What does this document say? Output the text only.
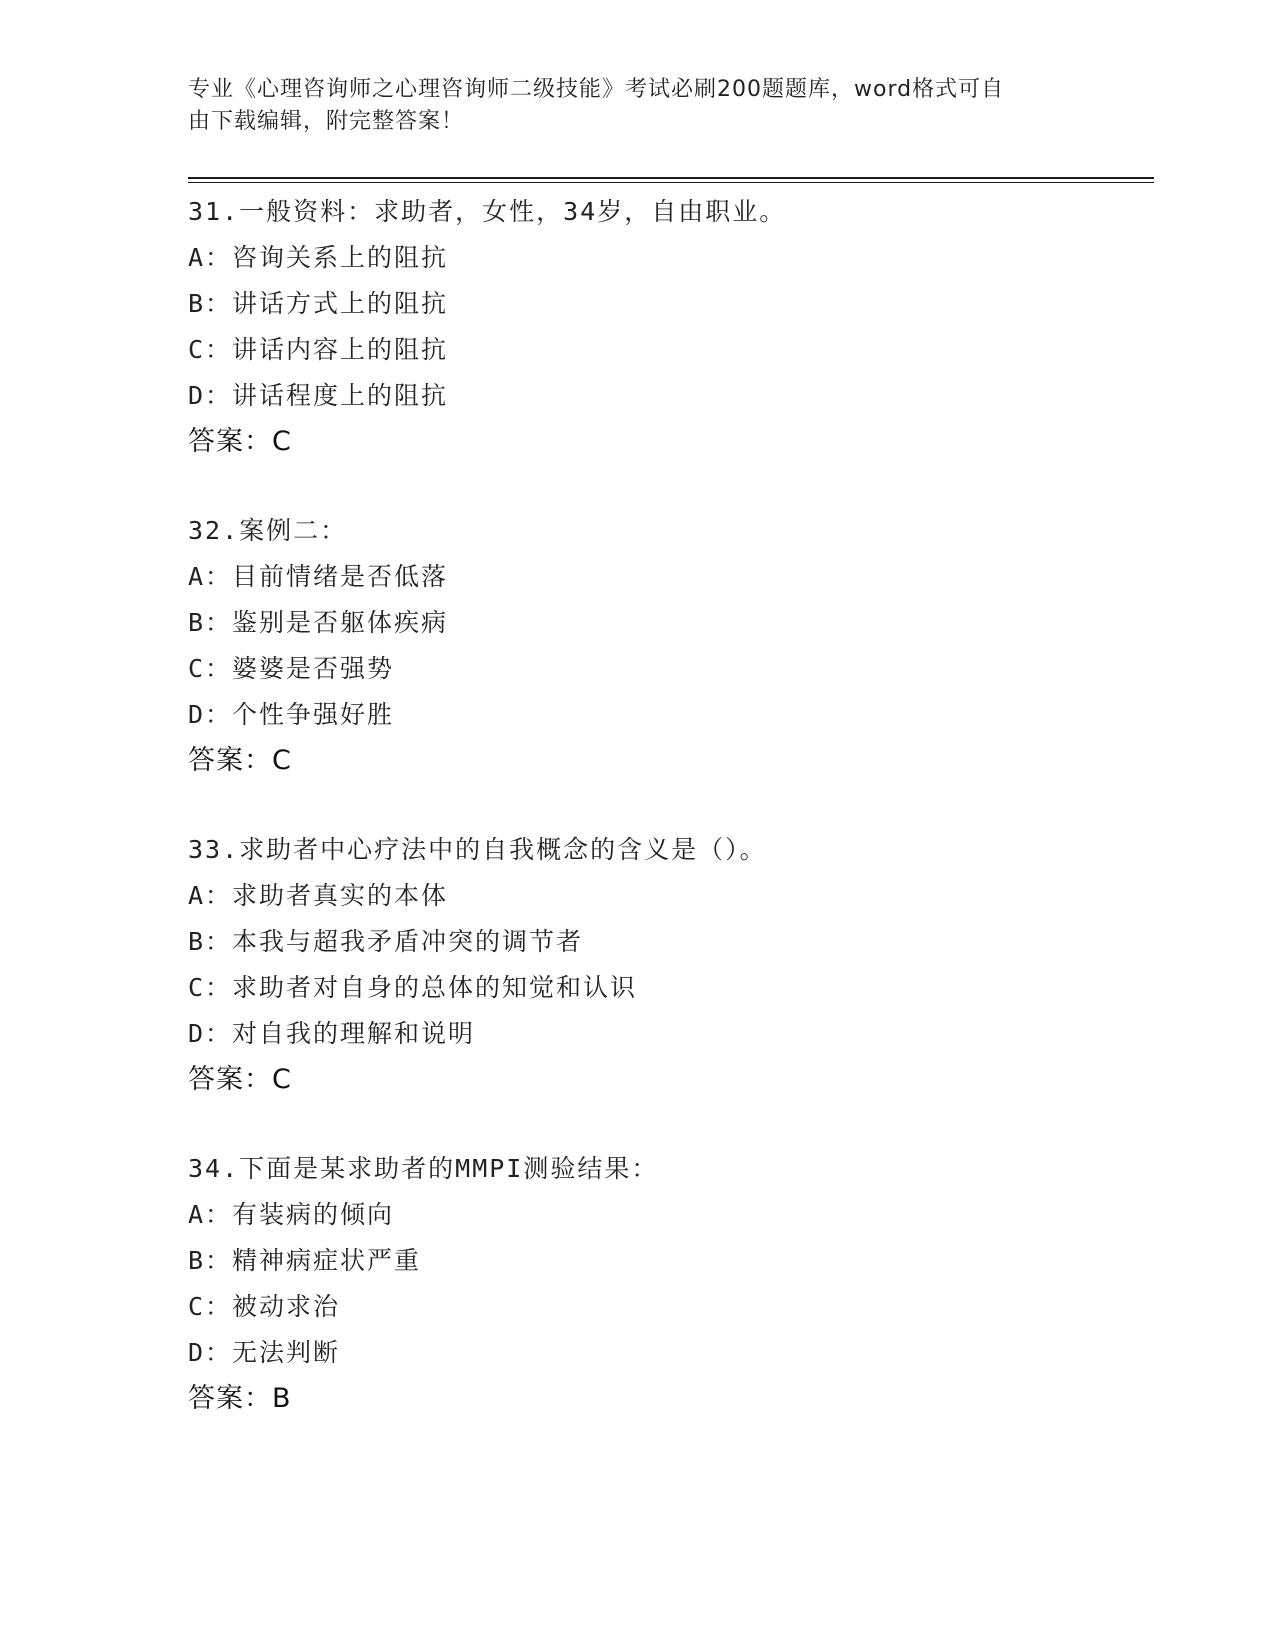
专业《心理咨询师之心理咨询师二级技能》考试必刷200题题库，word格式可自
由下载编辑，附完整答案！
31.一般资料：求助者，女性，34岁，自由职业。
A：咨询关系上的阻抗
B：讲话方式上的阻抗
C：讲话内容上的阻抗
D：讲话程度上的阻抗
答案：C
32.案例二：
A：目前情绪是否低落
B：鉴别是否躯体疾病
C：婆婆是否强势
D：个性争强好胜
答案：C
33.求助者中心疗法中的自我概念的含义是（）。
A：求助者真实的本体
B：本我与超我矛盾冲突的调节者
C：求助者对自身的总体的知觉和认识
D：对自我的理解和说明
答案：C
34.下面是某求助者的MMPI测验结果：
A：有装病的倾向
B：精神病症状严重
C：被动求治
D：无法判断
答案：B
